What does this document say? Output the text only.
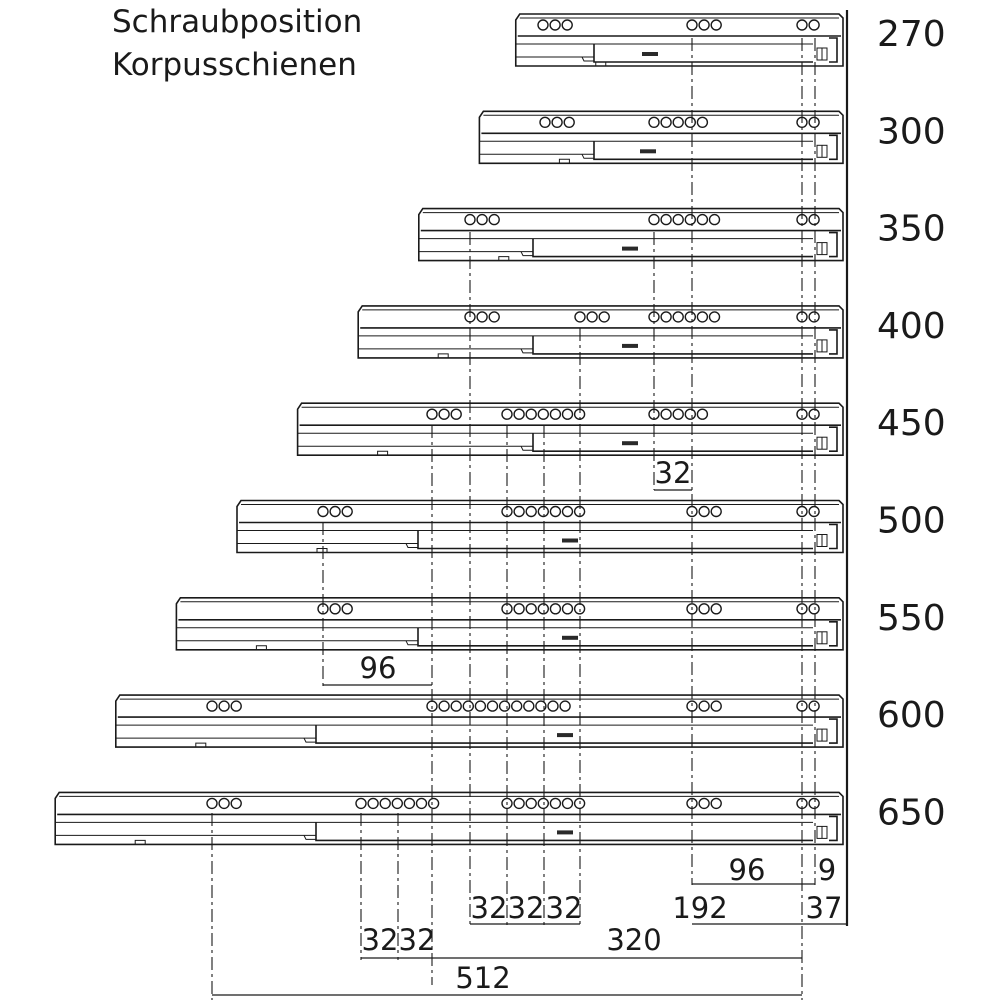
Schraubposition
Korpusschienen
270
300
350
400
450
500
550
600
650
32
96
96 9
32 32 32	192	37
32 32	320
512
